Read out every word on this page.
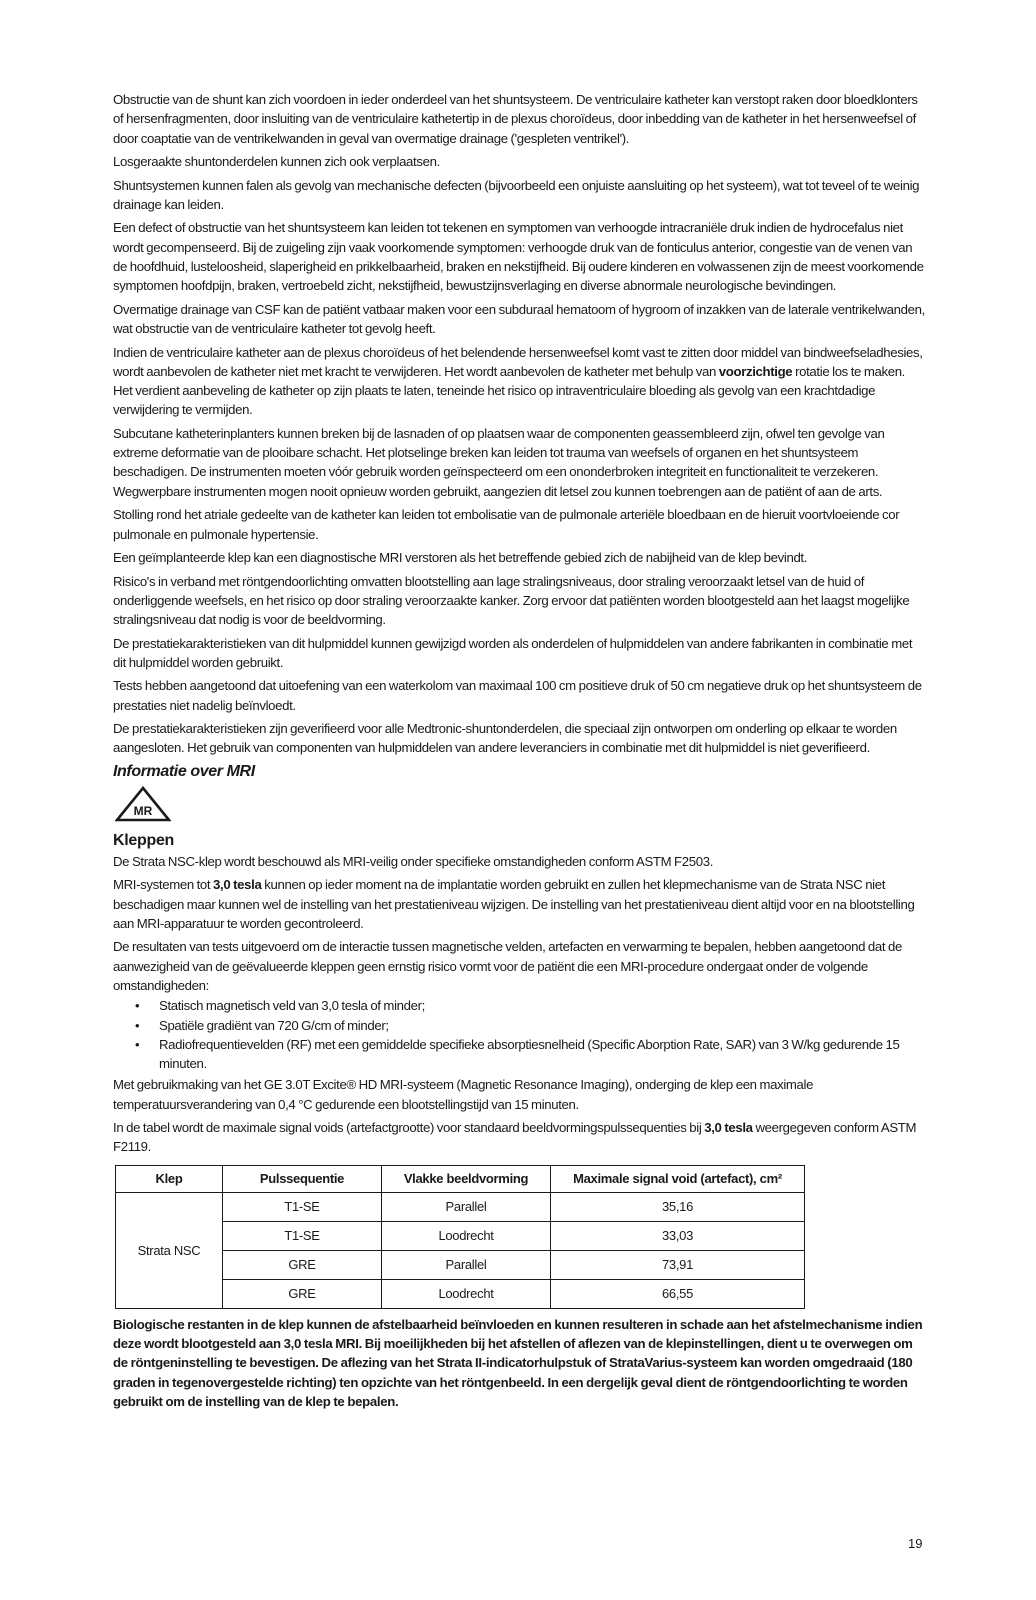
Obstructie van de shunt kan zich voordoen in ieder onderdeel van het shuntsysteem. De ventriculaire katheter kan verstopt raken door bloedklonters of hersenfragmenten, door insluiting van de ventriculaire kathetertip in de plexus choroïdeus, door inbedding van de katheter in het hersenweefsel of door coaptatie van de ventrikelwanden in geval van overmatige drainage ('gespleten ventrikel').

Losgeraakte shuntonderdelen kunnen zich ook verplaatsen.

Shuntsystemen kunnen falen als gevolg van mechanische defecten (bijvoorbeeld een onjuiste aansluiting op het systeem), wat tot teveel of te weinig drainage kan leiden.

Een defect of obstructie van het shuntsysteem kan leiden tot tekenen en symptomen van verhoogde intracraniële druk indien de hydrocefalus niet wordt gecompenseerd. Bij de zuigeling zijn vaak voorkomende symptomen: verhoogde druk van de fonticulus anterior, congestie van de venen van de hoofdhuid, lusteloosheid, slaperigheid en prikkelbaarheid, braken en nekstijfheid. Bij oudere kinderen en volwassenen zijn de meest voorkomende symptomen hoofdpijn, braken, vertroebeld zicht, nekstijfheid, bewustzijnsverlaging en diverse abnormale neurologische bevindingen.

Overmatige drainage van CSF kan de patiënt vatbaar maken voor een subduraal hematoom of hygroom of inzakken van de laterale ventrikelwanden, wat obstructie van de ventriculaire katheter tot gevolg heeft.

Indien de ventriculaire katheter aan de plexus choroïdeus of het belendende hersenweefsel komt vast te zitten door middel van bindweefseladhesies, wordt aanbevolen de katheter niet met kracht te verwijderen. Het wordt aanbevolen de katheter met behulp van voorzichtige rotatie los te maken. Het verdient aanbeveling de katheter op zijn plaats te laten, teneinde het risico op intraventriculaire bloeding als gevolg van een krachtdadige verwijdering te vermijden.

Subcutane katheterinplanters kunnen breken bij de lasnaden of op plaatsen waar de componenten geassembleerd zijn, ofwel ten gevolge van extreme deformatie van de plooibare schacht. Het plotselinge breken kan leiden tot trauma van weefsels of organen en het shuntsysteem beschadigen. De instrumenten moeten vóór gebruik worden geïnspecteerd om een ononderbroken integriteit en functionaliteit te verzekeren. Wegwerpbare instrumenten mogen nooit opnieuw worden gebruikt, aangezien dit letsel zou kunnen toebrengen aan de patiënt of aan de arts.

Stolling rond het atriale gedeelte van de katheter kan leiden tot embolisatie van de pulmonale arteriële bloedbaan en de hieruit voortvloeiende cor pulmonale en pulmonale hypertensie.

Een geïmplanteerde klep kan een diagnostische MRI verstoren als het betreffende gebied zich de nabijheid van de klep bevindt.

Risico's in verband met röntgendoorlichting omvatten blootstelling aan lage stralingsniveaus, door straling veroorzaakt letsel van de huid of onderliggende weefsels, en het risico op door straling veroorzaakte kanker. Zorg ervoor dat patiënten worden blootgesteld aan het laagst mogelijke stralingsniveau dat nodig is voor de beeldvorming.

De prestatiekarakteristieken van dit hulpmiddel kunnen gewijzigd worden als onderdelen of hulpmiddelen van andere fabrikanten in combinatie met dit hulpmiddel worden gebruikt.

Tests hebben aangetoond dat uitoefening van een waterkolom van maximaal 100 cm positieve druk of 50 cm negatieve druk op het shuntsysteem de prestaties niet nadelig beïnvloedt.

De prestatiekarakteristieken zijn geverifieerd voor alle Medtronic-shuntonderdelen, die speciaal zijn ontworpen om onderling op elkaar te worden aangesloten. Het gebruik van componenten van hulpmiddelen van andere leveranciers in combinatie met dit hulpmiddel is niet geverifieerd.

Informatie over MRI
MR
Kleppen

De Strata NSC-klep wordt beschouwd als MRI-veilig onder specifieke omstandigheden conform ASTM F2503.

MRI-systemen tot 3,0 tesla kunnen op ieder moment na de implantatie worden gebruikt en zullen het klepmechanisme van de Strata NSC niet beschadigen maar kunnen wel de instelling van het prestatieniveau wijzigen. De instelling van het prestatieniveau dient altijd voor en na blootstelling aan MRI-apparatuur te worden gecontroleerd.

De resultaten van tests uitgevoerd om de interactie tussen magnetische velden, artefacten en verwarming te bepalen, hebben aangetoond dat de aanwezigheid van de geëvalueerde kleppen geen ernstig risico vormt voor de patiënt die een MRI-procedure ondergaat onder de volgende omstandigheden:

• Statisch magnetisch veld van 3,0 tesla of minder;
• Spatiële gradiënt van 720 G/cm of minder;
• Radiofrequentievelden (RF) met een gemiddelde specifieke absorptiesnelheid (Specific Aborption Rate, SAR) van 3 W/kg gedurende 15 minuten.

Met gebruikmaking van het GE 3.0T Excite® HD MRI-systeem (Magnetic Resonance Imaging), onderging de klep een maximale temperatuursverandering van 0,4 °C gedurende een blootstellingstijd van 15 minuten.

In de tabel wordt de maximale signal voids (artefactgrootte) voor standaard beeldvormingspulssequenties bij 3,0 tesla weergegeven conform ASTM F2119.

Klep	Pulssequentie	Vlakke beeldvorming	Maximale signal void (artefact), cm²
Strata NSC	T1-SE	Parallel	35,16
	T1-SE	Loodrecht	33,03
	GRE	Parallel	73,91
	GRE	Loodrecht	66,55

Biologische restanten in de klep kunnen de afstelbaarheid beïnvloeden en kunnen resulteren in schade aan het afstelmechanisme indien deze wordt blootgesteld aan 3,0 tesla MRI. Bij moeilijkheden bij het afstellen of aflezen van de klepinstellingen, dient u te overwegen om de röntgeninstelling te bevestigen. De aflezing van het Strata II-indicatorhulpstuk of StrataVarius-systeem kan worden omgedraaid (180 graden in tegenovergestelde richting) ten opzichte van het röntgenbeeld. In een dergelijk geval dient de röntgendoorlichting te worden gebruikt om de instelling van de klep te bepalen.

19
